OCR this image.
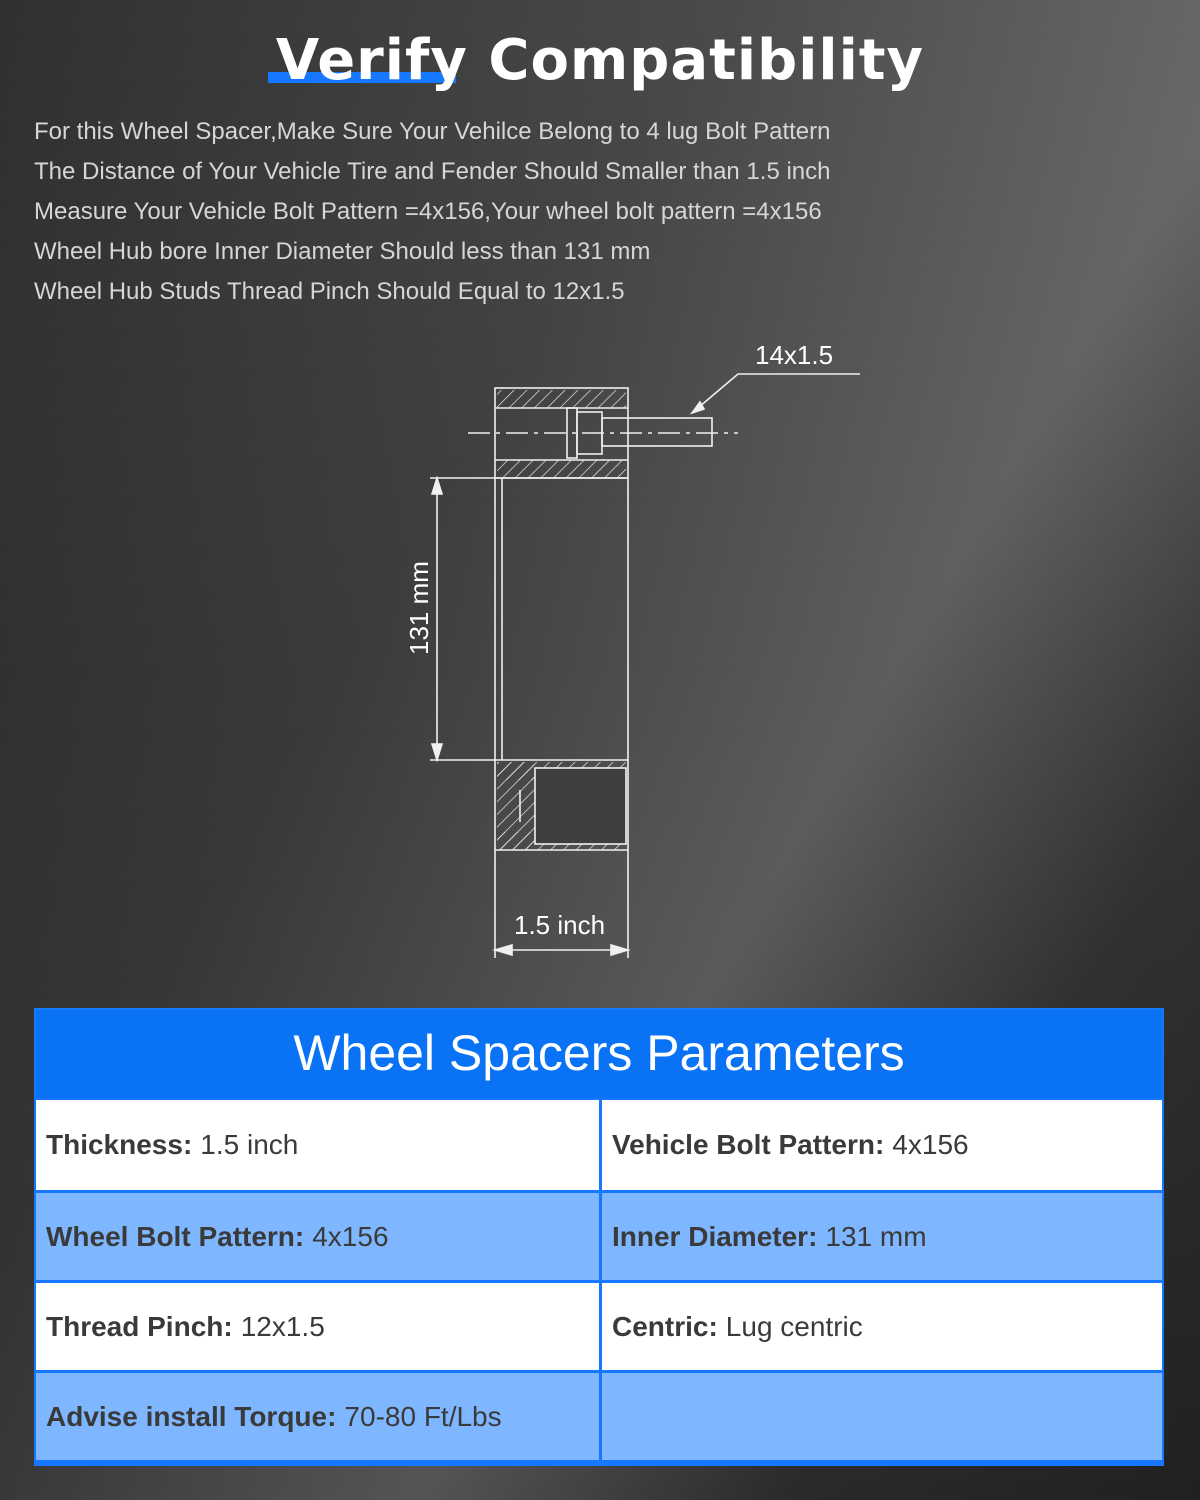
Verify Compatibility
For this Wheel Spacer,Make Sure Your Vehilce Belong to 4 lug Bolt Pattern
The Distance of Your Vehicle Tire and Fender Should Smaller than 1.5 inch
Measure Your Vehicle Bolt Pattern =4x156,Your wheel bolt pattern =4x156
Wheel Hub bore Inner Diameter Should less than 131 mm
Wheel Hub Studs Thread Pinch Should Equal to 12x1.5
14x1.5
131 mm
1.5 inch
Wheel Spacers Parameters
Thickness: 1.5 inch	Vehicle Bolt Pattern: 4x156
Wheel Bolt Pattern: 4x156	Inner Diameter: 131 mm
Thread Pinch: 12x1.5	Centric: Lug centric
Advise install Torque: 70-80 Ft/Lbs
